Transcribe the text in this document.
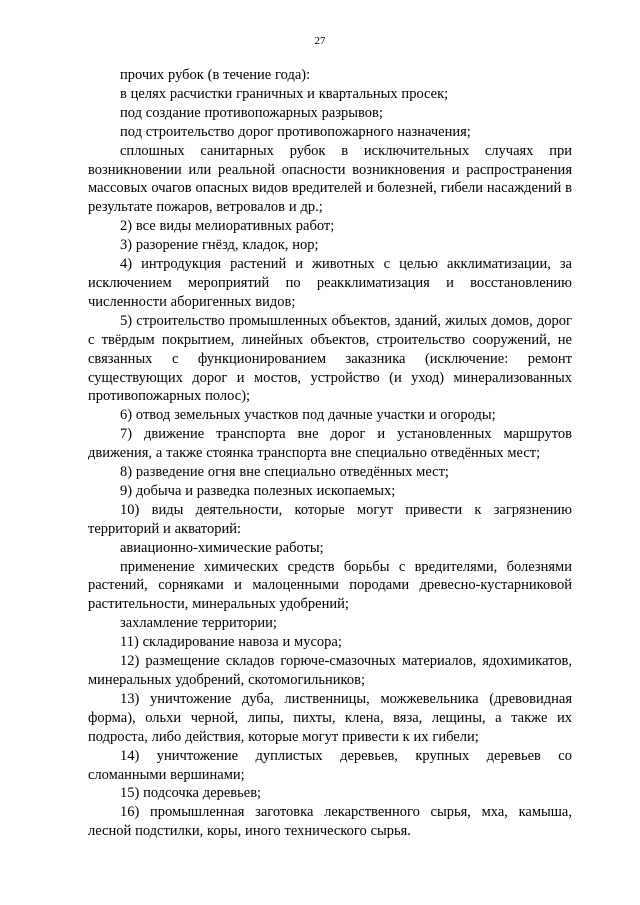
27

прочих рубок (в течение года):

в целях расчистки граничных и квартальных просек;

под создание противопожарных разрывов;

под строительство дорог противопожарного назначения;

сплошных санитарных рубок в исключительных случаях при возникновении или реальной опасности возникновения и распространения массовых очагов опасных видов вредителей и болезней, гибели насаждений в результате пожаров, ветровалов и др.;

2) все виды мелиоративных работ;

3) разорение гнёзд, кладок, нор;

4) интродукция растений и животных с целью акклиматизации, за исключением мероприятий по реакклиматизация и восстановлению численности аборигенных видов;

5) строительство промышленных объектов, зданий, жилых домов, дорог с твёрдым покрытием, линейных объектов, строительство сооружений, не связанных с функционированием заказника (исключение: ремонт существующих дорог и мостов, устройство (и уход) минерализованных противопожарных полос);

6) отвод земельных участков под дачные участки и огороды;

7) движение транспорта вне дорог и установленных маршрутов движения, а также стоянка транспорта вне специально отведённых мест;

8) разведение огня вне специально отведённых мест;

9) добыча и разведка полезных ископаемых;

10) виды деятельности, которые могут привести к загрязнению территорий и акваторий:

авиационно-химические работы;

применение химических средств борьбы с вредителями, болезнями растений, сорняками и малоценными породами древесно-кустарниковой растительности, минеральных удобрений;

захламление территории;

11) складирование навоза и мусора;

12) размещение складов горюче-смазочных материалов, ядохимикатов, минеральных удобрений, скотомогильников;

13) уничтожение дуба, лиственницы, можжевельника (древовидная форма), ольхи черной, липы, пихты, клена, вяза, лещины, а также их подроста, либо действия, которые могут привести к их гибели;

14) уничтожение дуплистых деревьев, крупных деревьев со сломанными вершинами;

15) подсочка деревьев;

16) промышленная заготовка лекарственного сырья, мха, камыша, лесной подстилки, коры, иного технического сырья.
